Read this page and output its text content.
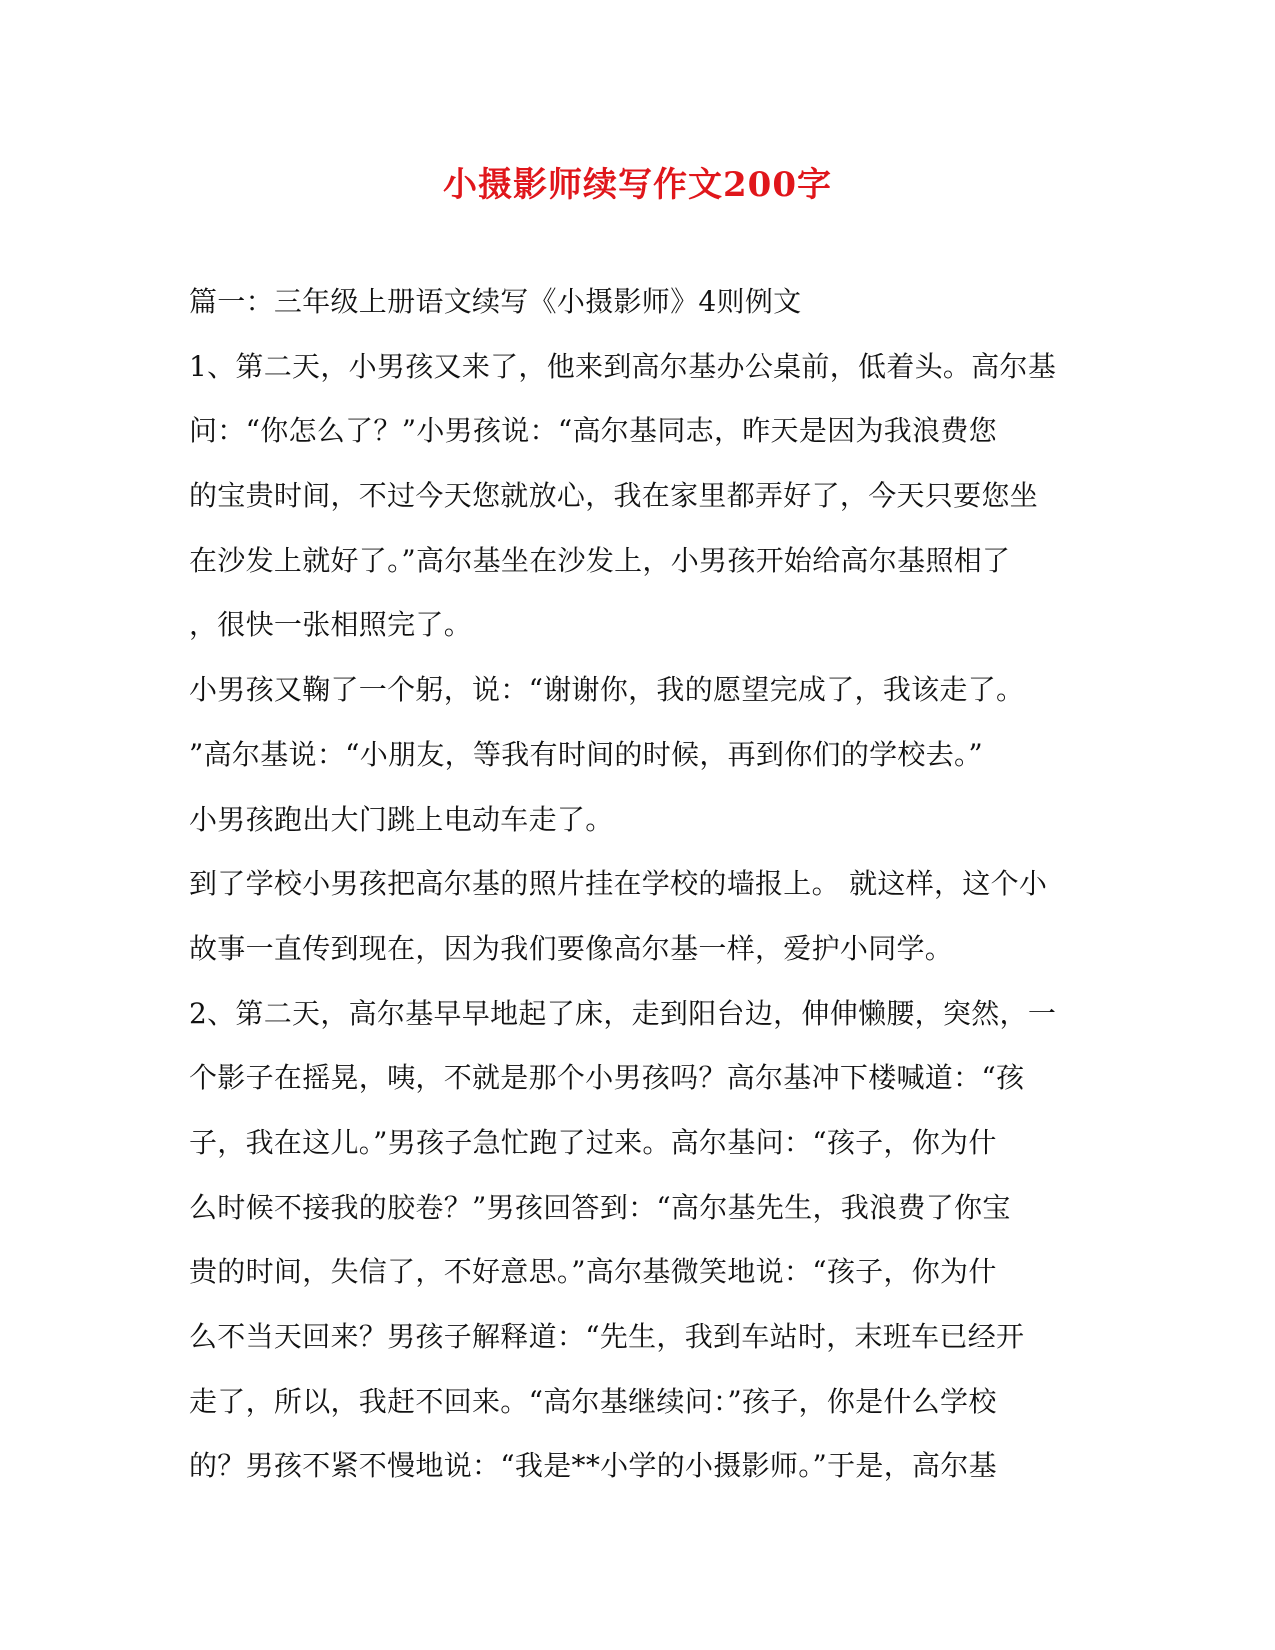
小摄影师续写作文200字
篇一：三年级上册语文续写《小摄影师》4则例文
1、第二天，小男孩又来了，他来到高尔基办公桌前，低着头。高尔基
问：“你怎么了？”小男孩说：“高尔基同志，昨天是因为我浪费您
的宝贵时间，不过今天您就放心，我在家里都弄好了，今天只要您坐
在沙发上就好了。”高尔基坐在沙发上，小男孩开始给高尔基照相了
，很快一张相照完了。
小男孩又鞠了一个躬，说：“谢谢你，我的愿望完成了，我该走了。
”高尔基说：“小朋友，等我有时间的时候，再到你们的学校去。”
小男孩跑出大门跳上电动车走了。
到了学校小男孩把高尔基的照片挂在学校的墙报上。 就这样，这个小
故事一直传到现在，因为我们要像高尔基一样，爱护小同学。
2、第二天，高尔基早早地起了床，走到阳台边，伸伸懒腰，突然，一
个影子在摇晃，咦，不就是那个小男孩吗？高尔基冲下楼喊道：“孩
子，我在这儿。”男孩子急忙跑了过来。高尔基问：“孩子，你为什
么时候不接我的胶卷？”男孩回答到：“高尔基先生，我浪费了你宝
贵的时间，失信了，不好意思。”高尔基微笑地说：“孩子，你为什
么不当天回来？男孩子解释道：“先生，我到车站时，末班车已经开
走了，所以，我赶不回来。“高尔基继续问：”孩子，你是什么学校
的？男孩不紧不慢地说：“我是**小学的小摄影师。”于是，高尔基
